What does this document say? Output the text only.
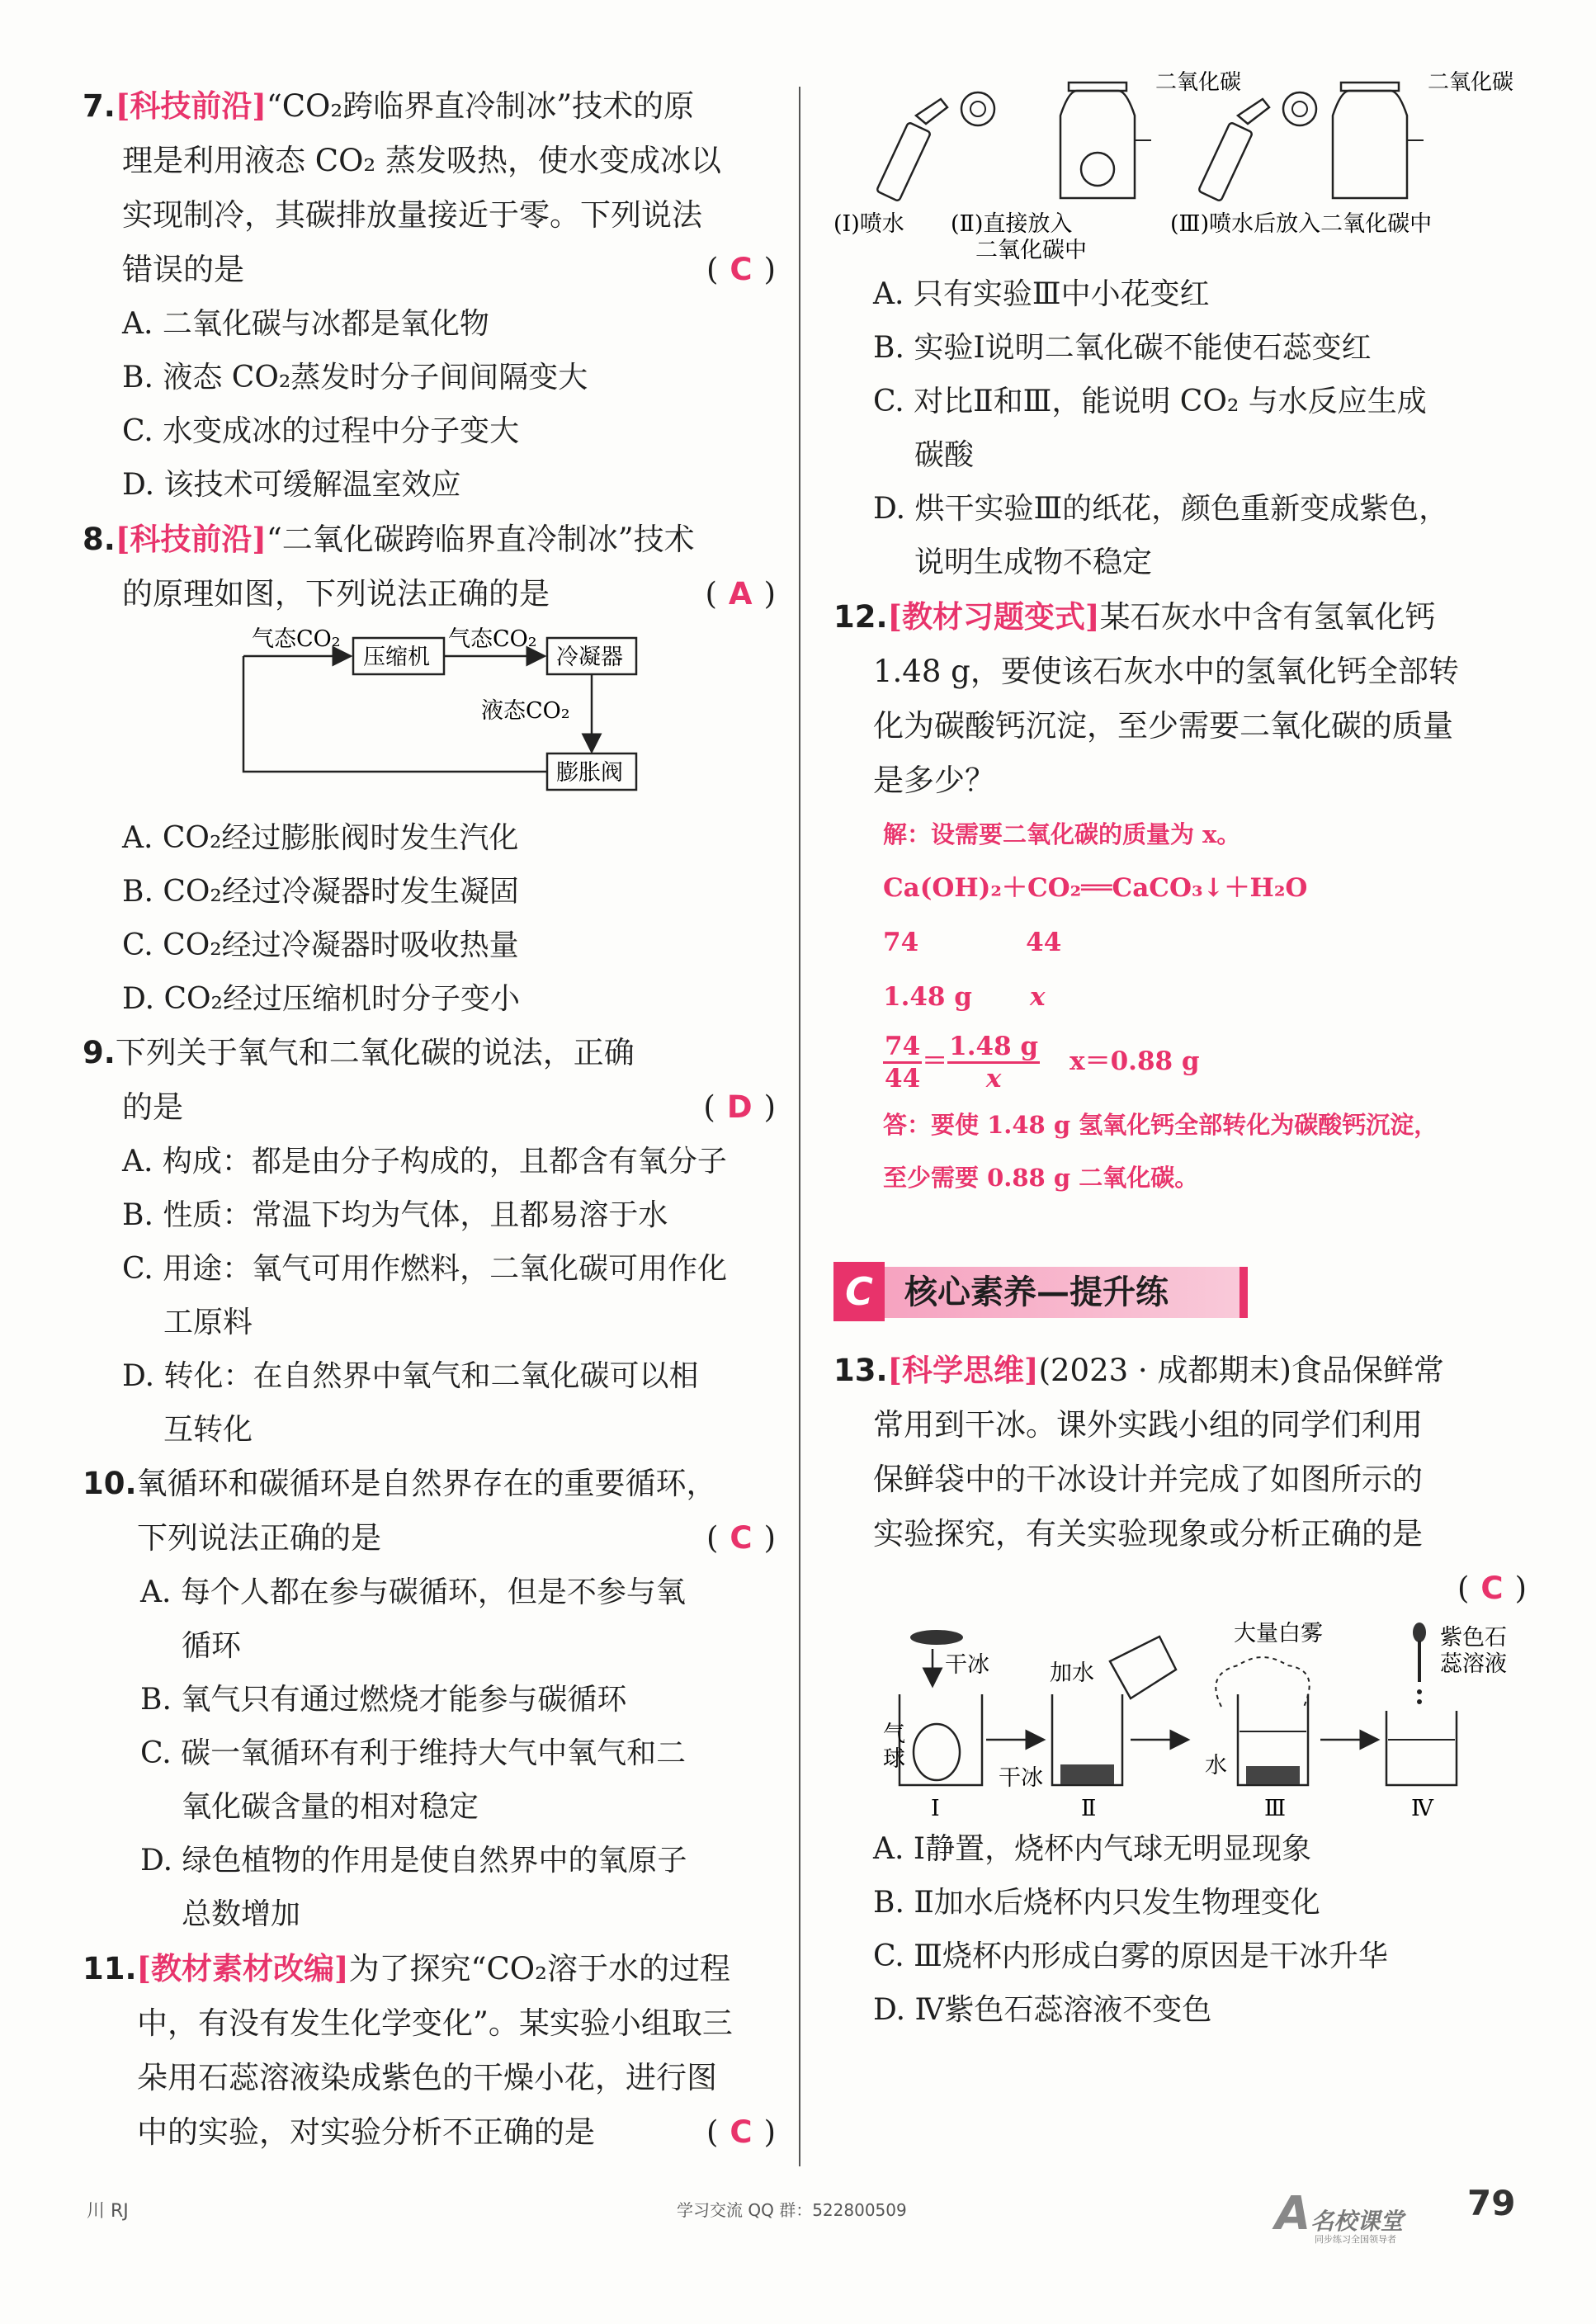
7.[科技前沿]“CO₂跨临界直冷制冰”技术的原
理是利用液态 CO₂ 蒸发吸热，使水变成冰以
实现制冷，其碳排放量接近于零。下列说法
错误的是	( C )
A. 二氧化碳与冰都是氧化物
B. 液态 CO₂蒸发时分子间间隔变大
C. 水变成冰的过程中分子变大
D. 该技术可缓解温室效应
8.[科技前沿]“二氧化碳跨临界直冷制冰”技术
的原理如图，下列说法正确的是	( A )
气态CO₂
压缩机
气态CO₂
冷凝器
液态CO₂
膨胀阀
A. CO₂经过膨胀阀时发生汽化
B. CO₂经过冷凝器时发生凝固
C. CO₂经过冷凝器时吸收热量
D. CO₂经过压缩机时分子变小
9.下列关于氧气和二氧化碳的说法，正确
的是	( D )
A. 构成：都是由分子构成的，且都含有氧分子
B. 性质：常温下均为气体，且都易溶于水
C. 用途：氧气可用作燃料，二氧化碳可用作化
工原料
D. 转化：在自然界中氧气和二氧化碳可以相
互转化
10.氧循环和碳循环是自然界存在的重要循环，
下列说法正确的是	( C )
A. 每个人都在参与碳循环，但是不参与氧
循环
B. 氧气只有通过燃烧才能参与碳循环
C. 碳一氧循环有利于维持大气中氧气和二
氧化碳含量的相对稳定
D. 绿色植物的作用是使自然界中的氧原子
总数增加
11.[教材素材改编]为了探究“CO₂溶于水的过程
中，有没有发生化学变化”。某实验小组取三
朵用石蕊溶液染成紫色的干燥小花，进行图
中的实验，对实验分析不正确的是	( C )
二氧化碳	二氧化碳
(Ⅰ)喷水 (Ⅱ)直接放入
二氧化碳中
(Ⅲ)喷水后放入二氧化碳中
A. 只有实验Ⅲ中小花变红
B. 实验Ⅰ说明二氧化碳不能使石蕊变红
C. 对比Ⅱ和Ⅲ，能说明 CO₂ 与水反应生成
碳酸
D. 烘干实验Ⅲ的纸花，颜色重新变成紫色，
说明生成物不稳定
12.[教材习题变式]某石灰水中含有氢氧化钙
1.48 g，要使该石灰水中的氢氧化钙全部转
化为碳酸钙沉淀，至少需要二氧化碳的质量
是多少？
解：设需要二氧化碳的质量为 x。
Ca(OH)₂＋CO₂══CaCO₃↓＋H₂O
74	44
1.48 g x
$\frac{74}{44} = \frac{1.48 g}{x} x=0.88$ g
答：要使 1.48 g 氢氧化钙全部转化为碳酸钙沉淀，
至少需要 0.88 g 二氧化碳。
C 核心素养—提升练
13.[科学思维](2023 · 成都期末)食品保鲜常
常用到干冰。课外实践小组的同学们利用
保鲜袋中的干冰设计并完成了如图所示的
实验探究，有关实验现象或分析正确的是
( C )
干冰
气
球
Ⅰ
加水
干冰
Ⅱ
大量白雾
水
Ⅲ
紫色石
蕊溶液
Ⅳ
A. Ⅰ静置，烧杯内气球无明显现象
B. Ⅱ加水后烧杯内只发生物理变化
C. Ⅲ烧杯内形成白雾的原因是干冰升华
D. Ⅳ紫色石蕊溶液不变色
川 RJ	学习交流 QQ 群：522800509	A名校课堂
同步练习全国领导者
79
